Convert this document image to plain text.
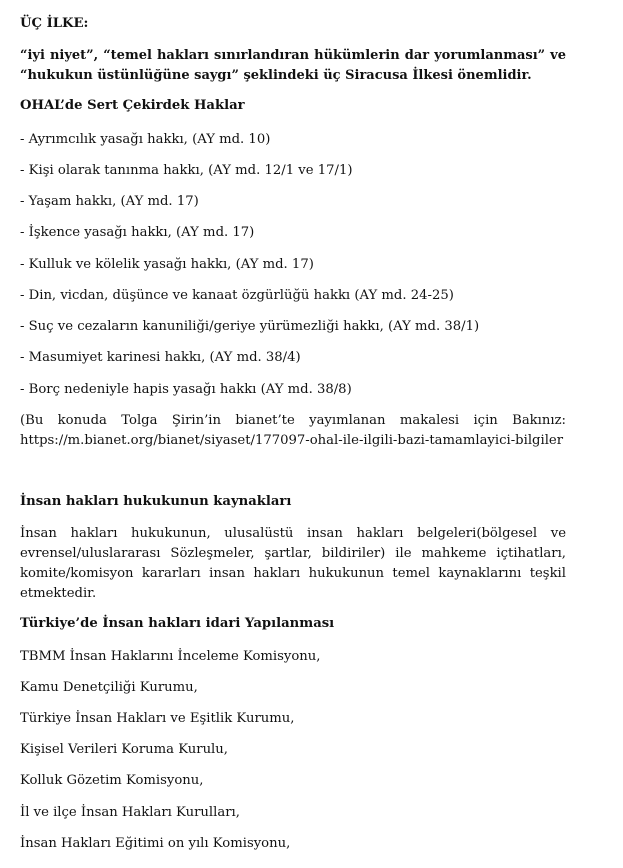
ÜÇ İLKE:
“iyi niyet”, “temel hakları sınırlandıran hükümlerin dar yorumlanması” ve
“hukukun üstünlüğüne saygı” şeklindeki üç Siracusa İlkesi önemlidir.
OHAL’de Sert Çekirdek Haklar
- Ayrımcılık yasağı hakkı, (AY md. 10)
- Kişi olarak tanınma hakkı, (AY md. 12/1 ve 17/1)
- Yaşam hakkı, (AY md. 17)
- İşkence yasağı hakkı, (AY md. 17)
- Kulluk ve kölelik yasağı hakkı, (AY md. 17)
- Din, vicdan, düşünce ve kanaat özgürlüğü hakkı (AY md. 24-25)
- Suç ve cezaların kanuniliği/geriye yürümezliği hakkı, (AY md. 38/1)
- Masumiyet karinesi hakkı, (AY md. 38/4)
- Borç nedeniyle hapis yasağı hakkı (AY md. 38/8)
(Bu konuda Tolga Şirin’in bianet’te yayımlanan makalesi için Bakınız:
https://m.bianet.org/bianet/siyaset/177097-ohal-ile-ilgili-bazi-tamamlayici-bilgiler
İnsan hakları hukukunun kaynakları
İnsan hakları hukukunun, ulusalüstü insan hakları belgeleri(bölgesel ve
evrensel/uluslararası Sözleşmeler, şartlar, bildiriler) ile mahkeme içtihatları,
komite/komisyon kararları insan hakları hukukunun temel kaynaklarını teşkil
etmektedir.
Türkiye’de İnsan hakları idari Yapılanması
TBMM İnsan Haklarını İnceleme Komisyonu,
Kamu Denetçiliği Kurumu,
Türkiye İnsan Hakları ve Eşitlik Kurumu,
Kişisel Verileri Koruma Kurulu,
Kolluk Gözetim Komisyonu,
İl ve ilçe İnsan Hakları Kurulları,
İnsan Hakları Eğitimi on yılı Komisyonu,
